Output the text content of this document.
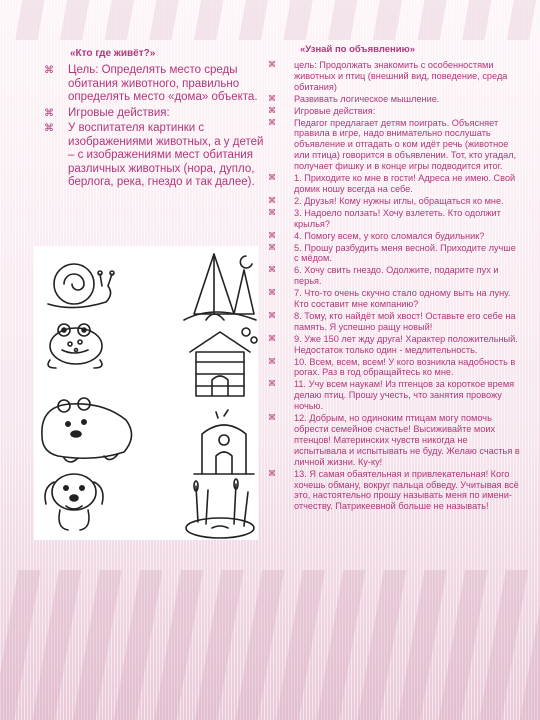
«Кто где живёт?»
⌘ Цель: Определять место среды обитания животного, правильно определять место «дома» объекта.
⌘ Игровые действия:
⌘ У воспитателя картинки с изображениями животных, а у детей – с изображениями мест обитания различных животных (нора, дупло, берлога, река, гнездо и так далее).
«Узнай по объявлению»
⌘ цель: Продолжать знакомить с особенностями животных и птиц (внешний вид, поведение, среда обитания)
⌘ Развивать логическое мышление.
⌘ Игровые действия:
⌘ Педагог предлагает детям поиграть. Объясняет правила в игре, надо внимательно послушать объявление и отгадать о ком идёт речь (животное или птица) говорится в объявлении. Тот, кто угадал, получает фишку и в конце игры подводится итог.
⌘ 1. Приходите ко мне в гости! Адреса не имею. Свой домик ношу всегда на себе.
⌘ 2. Друзья! Кому нужны иглы, обращаться ко мне.
⌘ 3. Надоело ползать! Хочу взлететь. Кто одолжит крылья?
⌘ 4. Помогу всем, у кого сломался будильник?
⌘ 5. Прошу разбудить меня весной. Приходите лучше с мёдом.
⌘ 6. Хочу свить гнездо. Одолжите, подарите пух и перья.
⌘ 7. Что-то очень скучно стало одному выть на луну. Кто составит мне компанию?
⌘ 8. Тому, кто найдёт мой хвост! Оставьте его себе на память. Я успешно ращу новый!
⌘ 9. Уже 150 лет жду друга! Характер положительный. Недостаток только один - медлительность.
⌘ 10. Всем, всем, всем! У кого возникла надобность в рогах. Раз в год обращайтесь ко мне.
⌘ 11. Учу всем наукам! Из птенцов за короткое время делаю птиц. Прошу учесть, что занятия провожу ночью.
⌘ 12. Добрым, но одиноким птицам могу помочь обрести семейное счастье! Высиживайте моих птенцов! Материнских чувств никогда не испытывала и испытывать не буду. Желаю счастья в личной жизни. Ку-ку!
⌘ 13. Я самая обаятельная и привлекательная! Кого хочешь обману, вокруг пальца обведу. Учитывая всё это, настоятельно прошу называть меня по имени-отчеству. Патрикеевной больше не называть!
